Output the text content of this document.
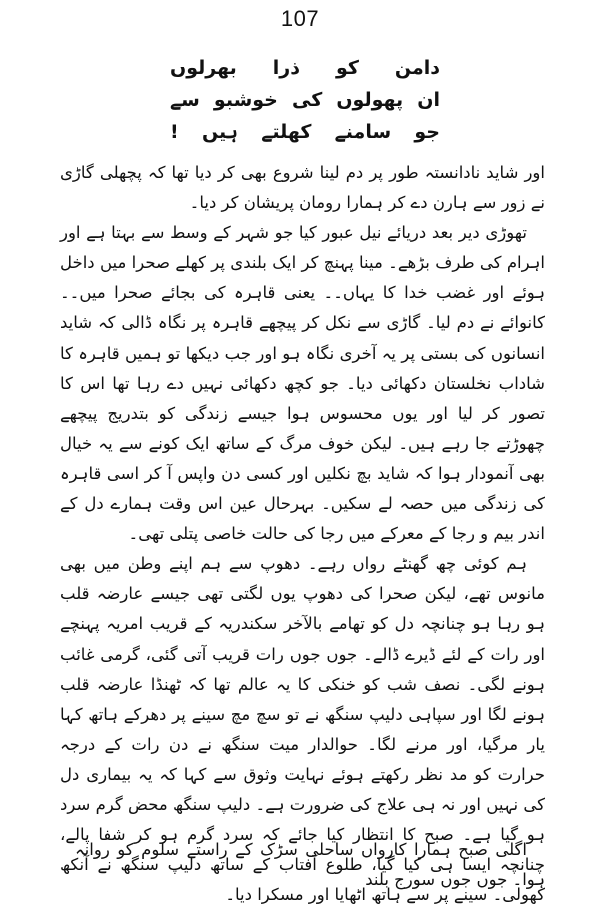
107
دامن
کو
ذرا
بھرلوں
ان
پھولوں
کی
خوشبو
سے
جو
سامنے
کھلتے
ہیں
!

اور شاید نادانستہ طور پر دم لینا شروع بھی کر دیا تھا کہ پچھلی گاڑی نے زور سے ہارن دے کر ہمارا رومان پریشان کر دیا۔

تھوڑی دیر بعد دریائے نیل عبور کیا جو شہر کے وسط سے بہتا ہے اور اہرام کی طرف بڑھے۔ مینا پہنچ کر ایک بلندی پر کھلے صحرا میں داخل ہوئے اور غضب خدا کا یہاں۔۔ یعنی قاہرہ کی بجائے صحرا میں۔۔ کانوائے نے دم لیا۔ گاڑی سے نکل کر پیچھے قاہرہ پر نگاہ ڈالی کہ شاید انسانوں کی بستی پر یہ آخری نگاہ ہو اور جب دیکھا تو ہمیں قاہرہ کا شاداب نخلستان دکھائی دیا۔ جو کچھ دکھائی نہیں دے رہا تھا اس کا تصور کر لیا اور یوں محسوس ہوا جیسے زندگی کو بتدریج پیچھے چھوڑتے جا رہے ہیں۔ لیکن خوف مرگ کے ساتھ ایک کونے سے یہ خیال بھی آنمودار ہوا کہ شاید بچ نکلیں اور کسی دن واپس آ کر اسی قاہرہ کی زندگی میں حصہ لے سکیں۔ بہرحال عین اس وقت ہمارے دل کے اندر بیم و رجا کے معرکے میں رجا کی حالت خاصی پتلی تھی۔

ہم کوئی چھ گھنٹے رواں رہے۔ دھوپ سے ہم اپنے وطن میں بھی مانوس تھے، لیکن صحرا کی دھوپ یوں لگتی تھی جیسے عارضہ قلب ہو رہا ہو چنانچہ دل کو تھامے بالآخر سکندریہ کے قریب امریہ پہنچے اور رات کے لئے ڈیرے ڈالے۔ جوں جوں رات قریب آتی گئی، گرمی غائب ہونے لگی۔ نصف شب کو خنکی کا یہ عالم تھا کہ ٹھنڈا عارضہ قلب ہونے لگا اور سپاہی دلیپ سنگھ نے تو سچ مچ سینے پر دھرکے ہاتھ کہا یار مرگیا، اور مرنے لگا۔ حوالدار میت سنگھ نے دن رات کے درجہ حرارت کو مد نظر رکھتے ہوئے نہایت وثوق سے کہا کہ یہ بیماری دل کی نہیں اور نہ ہی علاج کی ضرورت ہے۔ دلیپ سنگھ محض گرم سرد ہو گیا ہے۔ صبح کا انتظار کیا جائے کہ سرد گرم ہو کر شفا پالے، چنانچہ ایسا ہی کیا گیا، طلوع آفتاب کے ساتھ دلیپ سنگھ نے آنکھ کھولی۔ سینے پر سے ہاتھ اٹھایا اور مسکرا دیا۔

اگلی صبح ہمارا کارواں ساحلی سڑک کے راستے سلوم کو روانہ ہوا۔ جوں جوں سورج بلند
